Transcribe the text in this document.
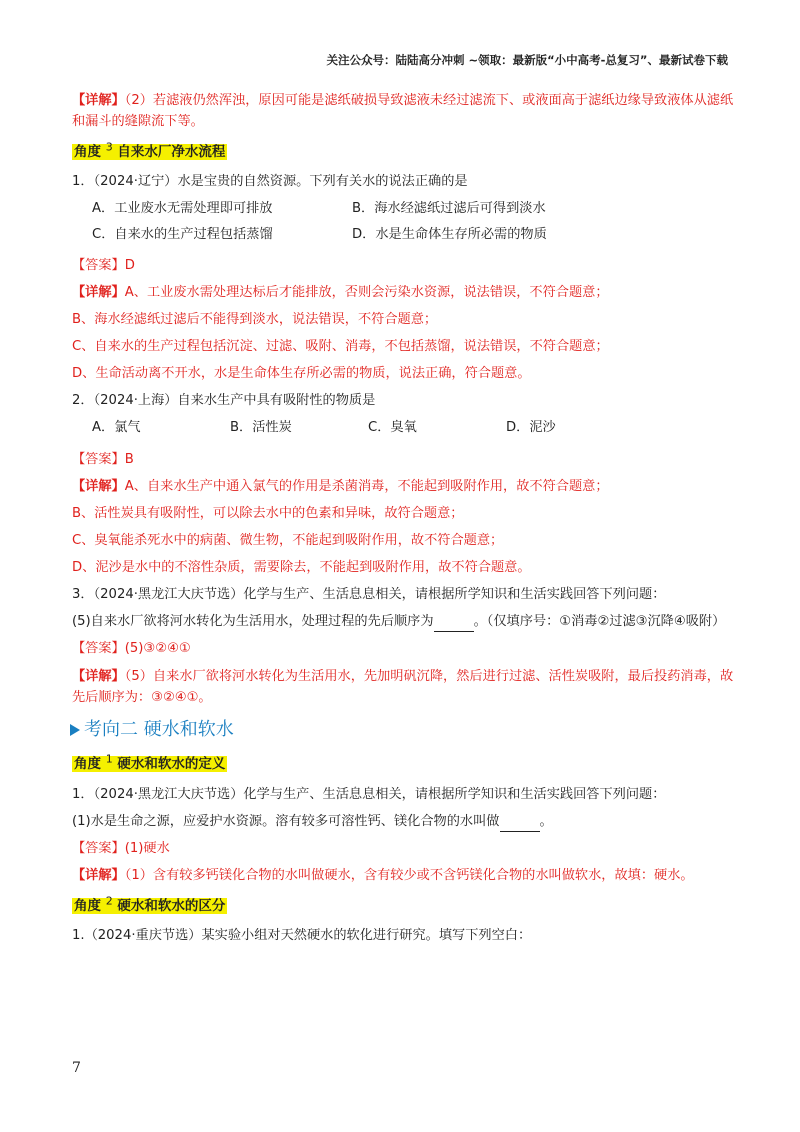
关注公众号：陆陆高分冲刺 ~领取：最新版“小中高考-总复习”、最新试卷下载

【详解】（2）若滤液仍然浑浊，原因可能是滤纸破损导致滤液未经过滤流下、或液面高于滤纸边缘导致液体从滤纸和漏斗的缝隙流下等。

角度 $^3$ 自来水厂净水流程

1．（2024·辽宁）水是宝贵的自然资源。下列有关水的说法正确的是

A．工业废水无需处理即可排放	B．海水经滤纸过滤后可得到淡水
C．自来水的生产过程包括蒸馏	D．水是生命体生存所必需的物质

【答案】D

【详解】A、工业废水需处理达标后才能排放，否则会污染水资源，说法错误，不符合题意；

B、海水经滤纸过滤后不能得到淡水，说法错误，不符合题意；

C、自来水的生产过程包括沉淀、过滤、吸附、消毒，不包括蒸馏，说法错误，不符合题意；

D、生命活动离不开水，水是生命体生存所必需的物质，说法正确，符合题意。

2．（2024·上海）自来水生产中具有吸附性的物质是

A．氯气	B．活性炭	C．臭氧	D．泥沙

【答案】B

【详解】A、自来水生产中通入氯气的作用是杀菌消毒，不能起到吸附作用，故不符合题意；

B、活性炭具有吸附性，可以除去水中的色素和异味，故符合题意；

C、臭氧能杀死水中的病菌、微生物，不能起到吸附作用，故不符合题意；

D、泥沙是水中的不溶性杂质，需要除去，不能起到吸附作用，故不符合题意。

3．（2024·黑龙江大庆节选）化学与生产、生活息息相关，请根据所学知识和生活实践回答下列问题：

(5)自来水厂欲将河水转化为生活用水，处理过程的先后顺序为	。（仅填序号：①消毒②过滤③沉降④吸附）

【答案】(5)③②④①

【详解】（5）自来水厂欲将河水转化为生活用水，先加明矾沉降，然后进行过滤、活性炭吸附，最后投药消毒，故先后顺序为：③②④①。

考向二 硬水和软水
角度 $^1$ 硬水和软水的定义

1．（2024·黑龙江大庆节选）化学与生产、生活息息相关，请根据所学知识和生活实践回答下列问题：

(1)水是生命之源，应爱护水资源。溶有较多可溶性钙、镁化合物的水叫做	。

【答案】(1)硬水

【详解】（1）含有较多钙镁化合物的水叫做硬水，含有较少或不含钙镁化合物的水叫做软水，故填：硬水。

角度 $^2$ 硬水和软水的区分

1.（2024·重庆节选）某实验小组对天然硬水的软化进行研究。填写下列空白：

7
